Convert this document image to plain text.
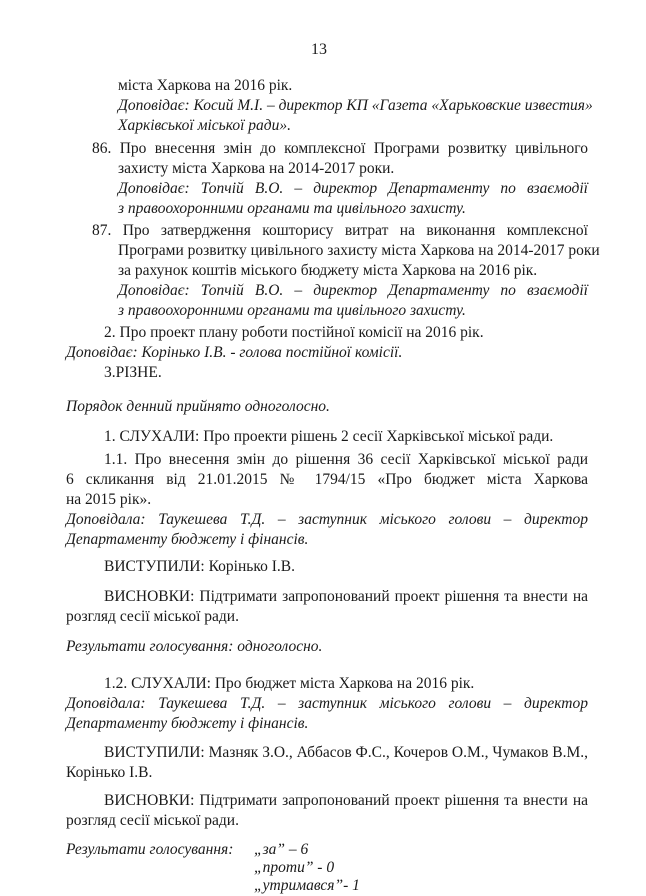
13
міста Харкова на 2016 рік.
Доповідає: Косий М.І. – директор КП «Газета «Харьковские известия»
Харківської міської ради».
86. Про внесення змін до комплексної Програми розвитку цивільного
захисту міста Харкова на 2014-2017 роки.
Доповідає: Топчій В.О. – директор Департаменту по взаємодії
з правоохоронними органами та цивільного захисту.
87. Про затвердження кошторису витрат на виконання комплексної
Програми розвитку цивільного захисту міста Харкова на 2014-2017 роки
за рахунок коштів міського бюджету міста Харкова на 2016 рік.
Доповідає: Топчій В.О. – директор Департаменту по взаємодії
з правоохоронними органами та цивільного захисту.
2. Про проект плану роботи постійної комісії на 2016 рік.
Доповідає: Корінько І.В. - голова постійної комісії.
3.РІЗНЕ.
Порядок денний прийнято одноголосно.
1. СЛУХАЛИ: Про проекти рішень 2 сесії Харківської міської ради.
1.1. Про внесення змін до рішення 36 сесії Харківської міської ради
6 скликання від 21.01.2015 № 1794/15 «Про бюджет міста Харкова
на 2015 рік».
Доповідала: Таукешева Т.Д. – заступник міського голови – директор
Департаменту бюджету і фінансів.
ВИСТУПИЛИ: Корінько І.В.
ВИСНОВКИ: Підтримати запропонований проект рішення та внести на
розгляд сесії міської ради.
Результати голосування: одноголосно.
1.2. СЛУХАЛИ: Про бюджет міста Харкова на 2016 рік.
Доповідала: Таукешева Т.Д. – заступник міського голови – директор
Департаменту бюджету і фінансів.
ВИСТУПИЛИ: Мазняк З.О., Аббасов Ф.С., Кочеров О.М., Чумаков В.М.,
Корінько І.В.
ВИСНОВКИ: Підтримати запропонований проект рішення та внести на
розгляд сесії міської ради.
Результати голосування: „за” – 6
„проти” - 0
„утримався”- 1
